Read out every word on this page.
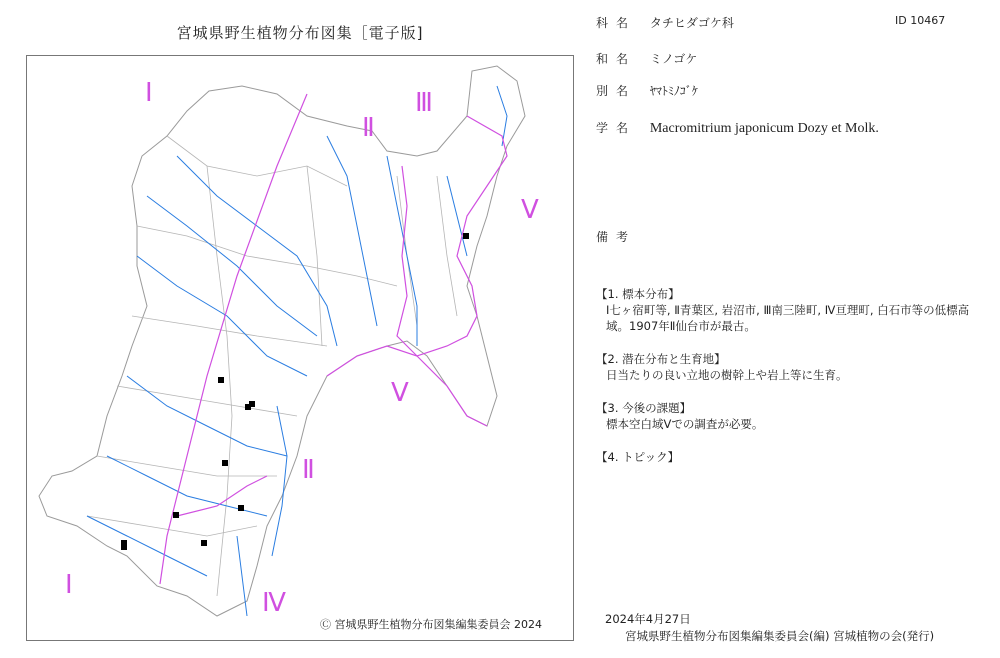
宮城県野生植物分布図集［電子版]
Ⅰ
Ⅱ
Ⅲ
Ⅴ
Ⅴ
Ⅱ
Ⅰ
Ⅳ
Ⓒ 宮城県野生植物分布図集編集委員会 2024
ID 10467
科名 タチヒダゴケ科
和名 ミノゴケ
別名 ﾔﾏﾄﾐﾉｺﾞｹ
学名 Macromitrium japonicum Dozy et Molk.
備考
【1. 標本分布】
Ⅰ七ヶ宿町等, Ⅱ青葉区, 岩沼市, Ⅲ南三陸町, Ⅳ亘理町, 白石市等の低標高域。1907年Ⅱ仙台市が最古。
【2. 潜在分布と生育地】
日当たりの良い立地の樹幹上や岩上等に生育。
【3. 今後の課題】
標本空白域Ⅴでの調査が必要。
【4. トピック】
2024年4月27日
宮城県野生植物分布図集編集委員会(編) 宮城植物の会(発行)
